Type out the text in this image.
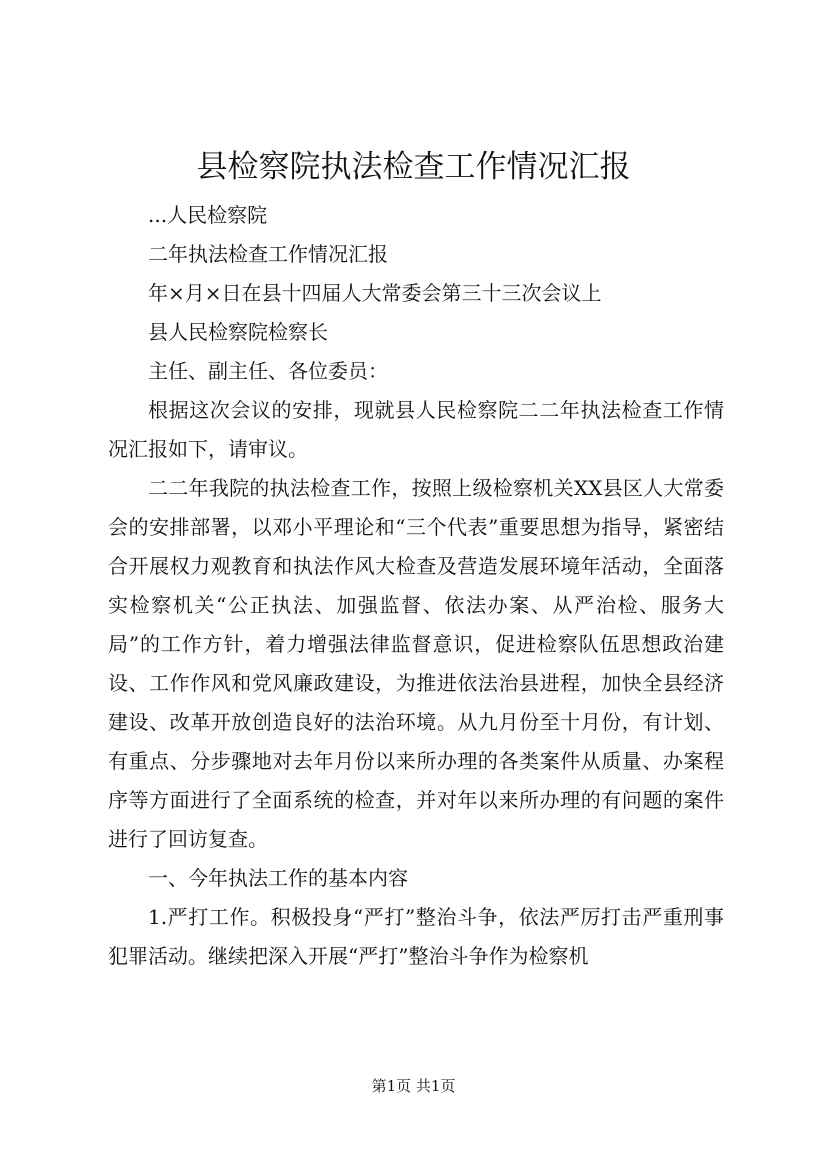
县检察院执法检查工作情况汇报

...人民检察院

二年执法检查工作情况汇报

年×月×日在县十四届人大常委会第三十三次会议上

县人民检察院检察长

主任、副主任、各位委员：

根据这次会议的安排，现就县人民检察院二二年执法检查工作情况汇报如下，请审议。

二二年我院的执法检查工作，按照上级检察机关XX县区人大常委会的安排部署，以邓小平理论和“三个代表”重要思想为指导，紧密结合开展权力观教育和执法作风大检查及营造发展环境年活动，全面落实检察机关“公正执法、加强监督、依法办案、从严治检、服务大局”的工作方针，着力增强法律监督意识，促进检察队伍思想政治建设、工作作风和党风廉政建设，为推进依法治县进程，加快全县经济建设、改革开放创造良好的法治环境。从九月份至十月份，有计划、有重点、分步骤地对去年月份以来所办理的各类案件从质量、办案程序等方面进行了全面系统的检查，并对年以来所办理的有问题的案件进行了回访复查。

一、今年执法工作的基本内容

1.严打工作。积极投身“严打”整治斗争，依法严厉打击严重刑事犯罪活动。继续把深入开展“严打”整治斗争作为检察机

第1页 共1页
